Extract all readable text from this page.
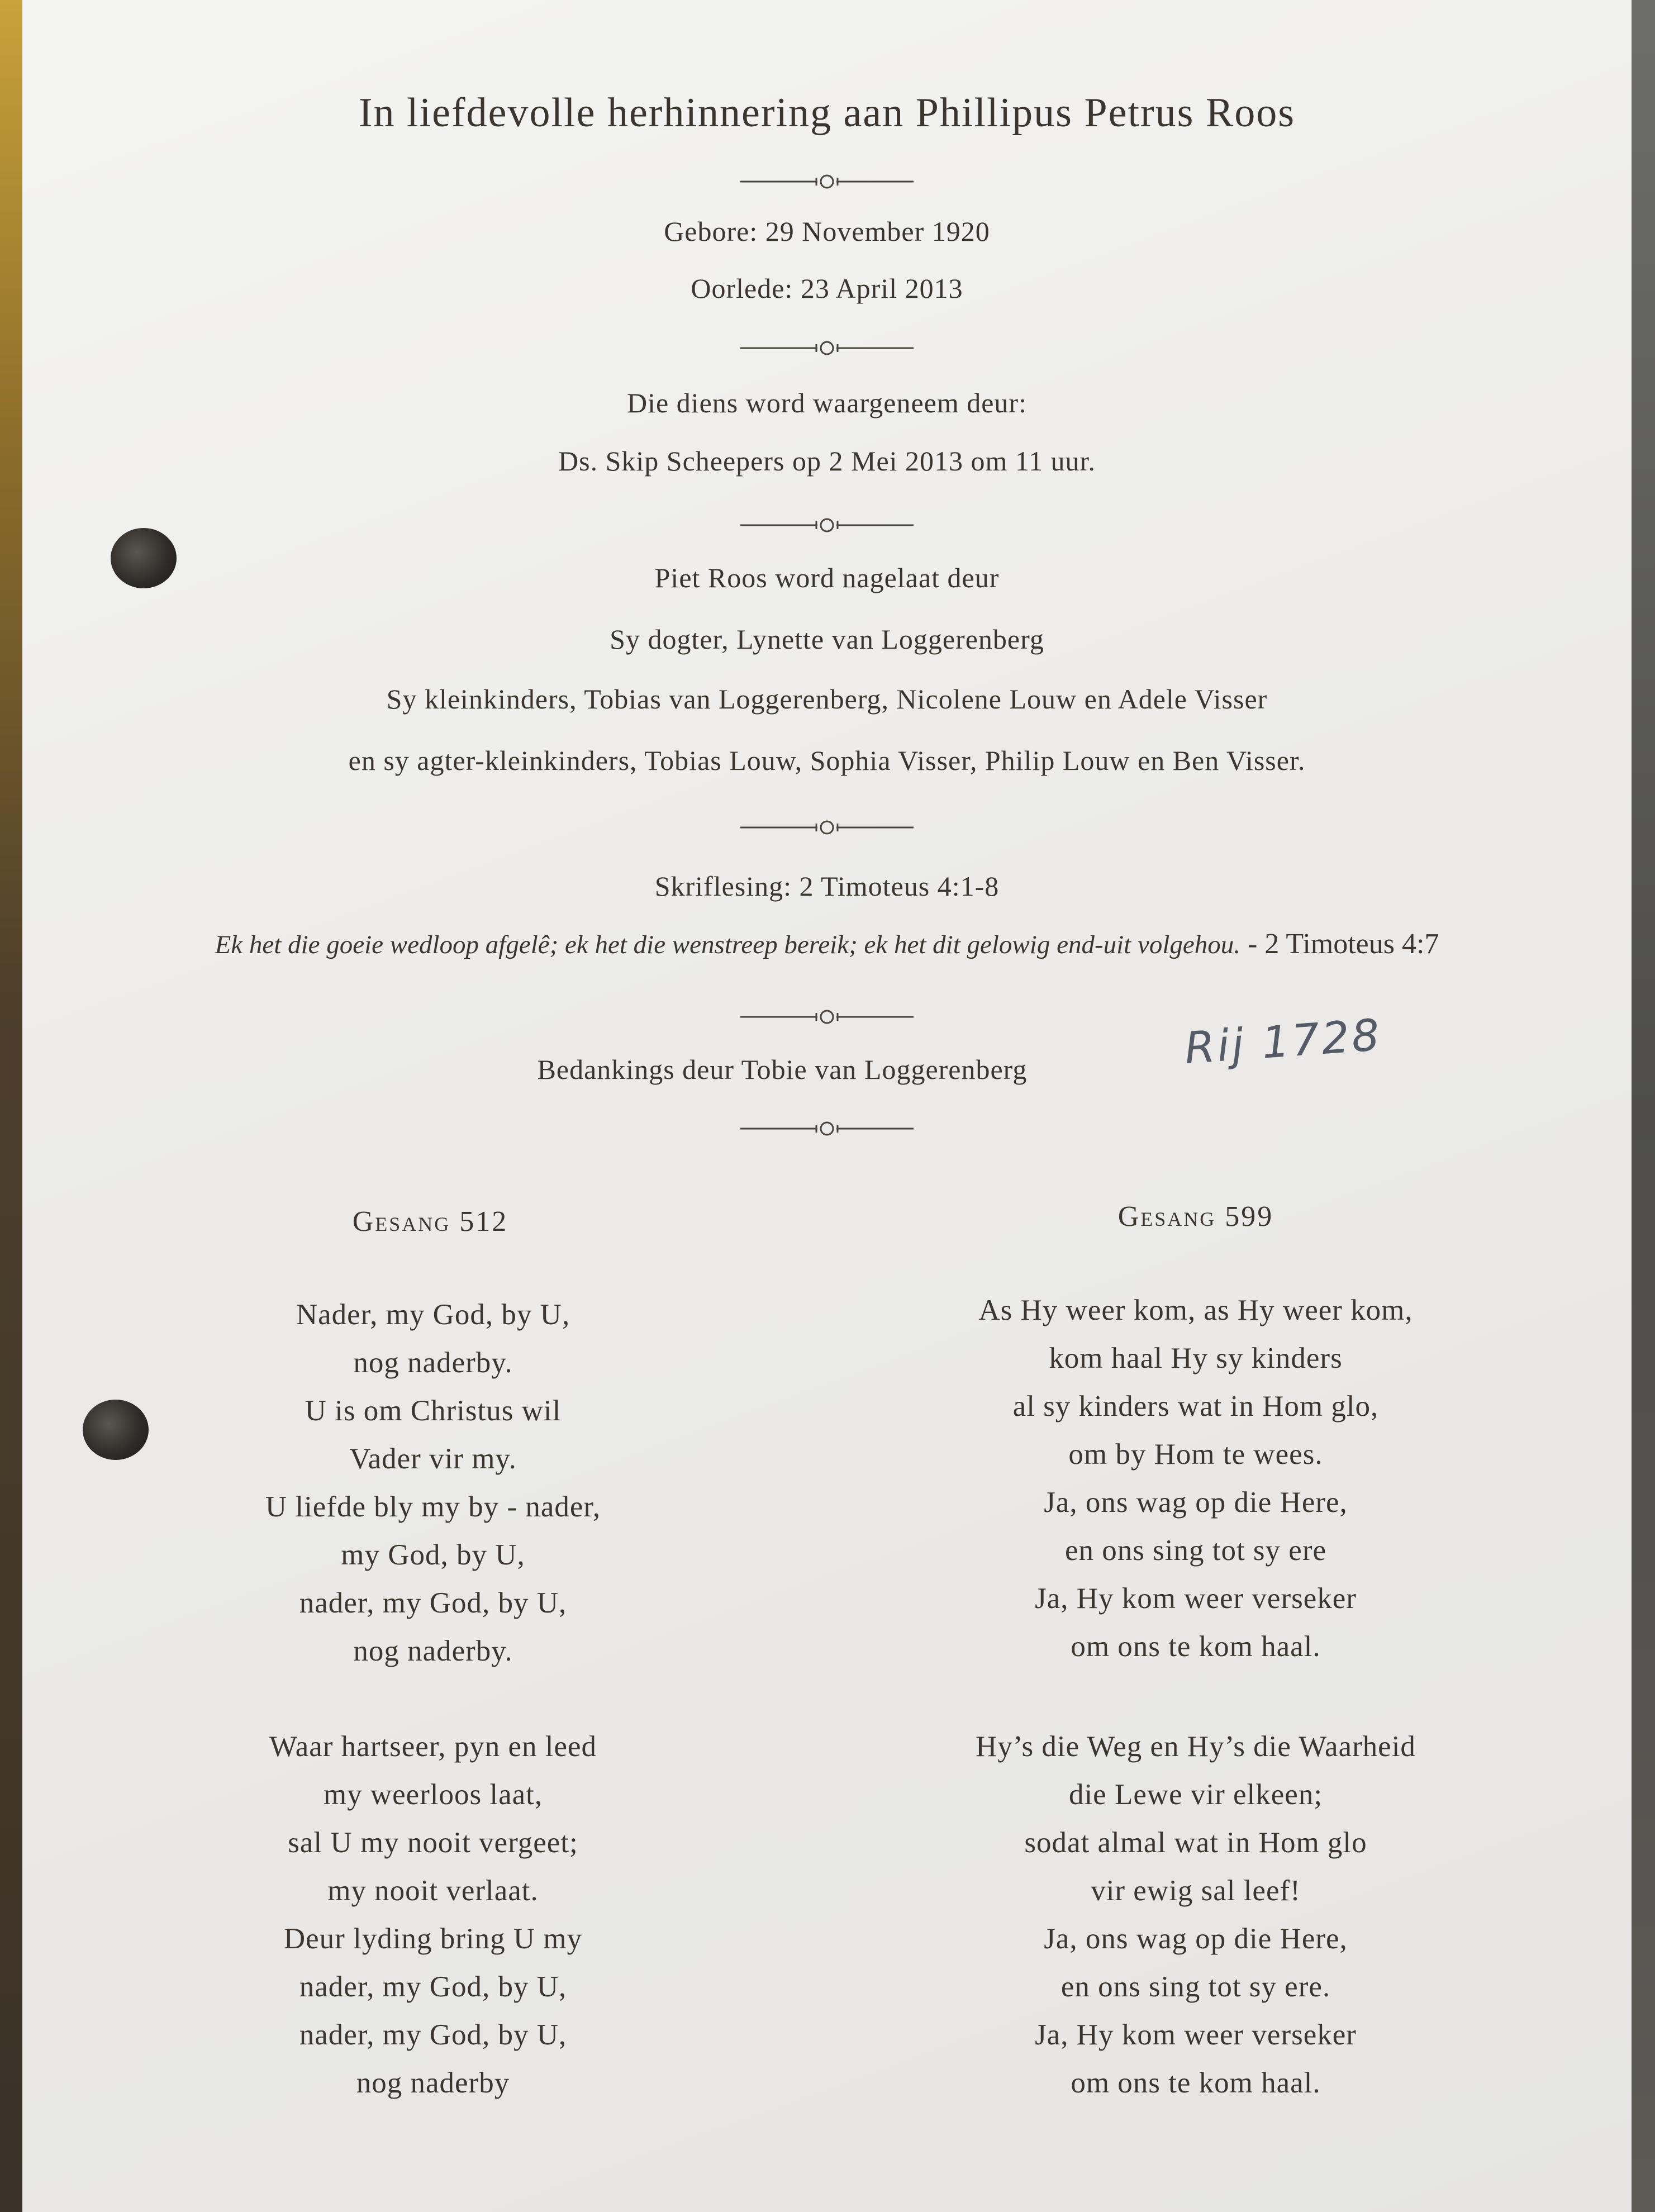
In liefdevolle herhinnering aan Phillipus Petrus Roos
Gebore: 29 November 1920
Oorlede: 23 April 2013
Die diens word waargeneem deur:
Ds. Skip Scheepers op 2 Mei 2013 om 11 uur.
Piet Roos word nagelaat deur
Sy dogter, Lynette van Loggerenberg
Sy kleinkinders, Tobias van Loggerenberg, Nicolene Louw en Adele Visser
en sy agter-kleinkinders, Tobias Louw, Sophia Visser, Philip Louw en Ben Visser.
Skriflesing: 2 Timoteus 4:1-8
Ek het die goeie wedloop afgelê; ek het die wenstreep bereik; ek het dit gelowig end-uit volgehou. - 2 Timoteus 4:7
Bedankings deur Tobie van Loggerenberg	Rij 1728
Gesang 512	Gesang 599
Nader, my God, by U,
nog naderby.
U is om Christus wil
Vader vir my.
U liefde bly my by - nader,
my God, by U,
nader, my God, by U,
nog naderby.
Waar hartseer, pyn en leed
my weerloos laat,
sal U my nooit vergeet;
my nooit verlaat.
Deur lyding bring U my
nader, my God, by U,
nader, my God, by U,
nog naderby
As Hy weer kom, as Hy weer kom,
kom haal Hy sy kinders
al sy kinders wat in Hom glo,
om by Hom te wees.
Ja, ons wag op die Here,
en ons sing tot sy ere
Ja, Hy kom weer verseker
om ons te kom haal.
Hy’s die Weg en Hy’s die Waarheid
die Lewe vir elkeen;
sodat almal wat in Hom glo
vir ewig sal leef!
Ja, ons wag op die Here,
en ons sing tot sy ere.
Ja, Hy kom weer verseker
om ons te kom haal.
